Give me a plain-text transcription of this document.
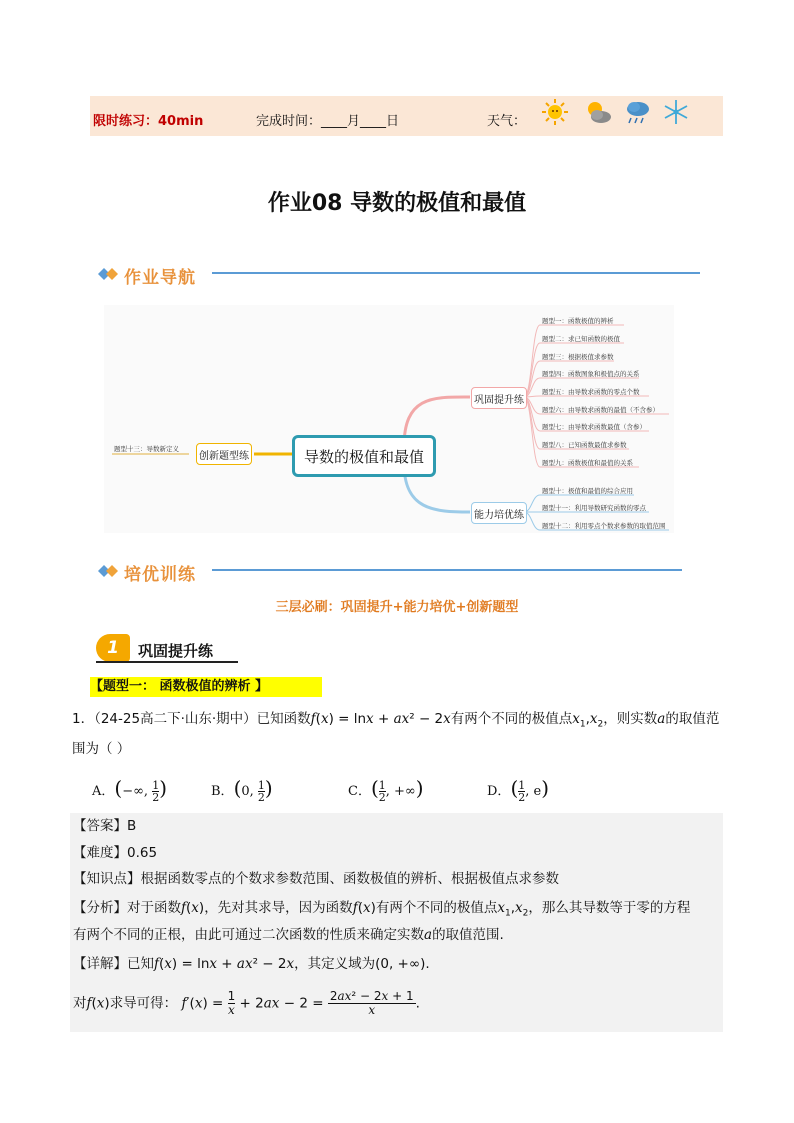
限时练习：40min	完成时间：____月____日	天气：
作业08 导数的极值和最值
作业导航
题型十三：导数新定义
创新题型练	导数的极值和最值
巩固提升练
能力培优练
题型一：函数极值的辨析
题型二：求已知函数的极值
题型三：根据极值求参数
题型四：函数图象和极值点的关系
题型五：由导数求函数的零点个数
题型六：由导数求函数的最值（不含参）
题型七：由导数求函数最值（含参）
题型八：已知函数最值求参数
题型九：函数极值和最值的关系
题型十：极值和最值的综合应用
题型十一：利用导数研究函数的零点
题型十二：利用零点个数求参数的取值范围
培优训练
三层必刷：巩固提升+能力培优+创新题型
1	巩固提升练
【题型一： 函数极值的辨析 】
1．（24-25高二下·山东·期中）已知函数f(x) = lnx + ax² − 2x有两个不同的极值点$x_1,x_2$，则实数a的取值范
围为（ ）
A．(−∞, $\frac{1}{2}$ )	B．(0, $\frac{1}{2}$ )	C．( $\frac{1}{2}$ , +∞)	D．( $\frac{1}{2}$ , e)
【答案】B
【难度】0.65
【知识点】根据函数零点的个数求参数范围、函数极值的辨析、根据极值点求参数
【分析】对于函数f(x)，先对其求导，因为函数f(x)有两个不同的极值点$x_1,x_2$，那么其导数等于零的方程
有两个不同的正根，由此可通过二次函数的性质来确定实数a的取值范围.
【详解】已知f(x) = lnx + ax² − 2x，其定义域为(0, +∞).
对f(x)求导可得： $f'(x) = \frac{1}{x} + 2ax - 2 = \frac{\text{2ax² − 2x + 1}}{x}$ .
